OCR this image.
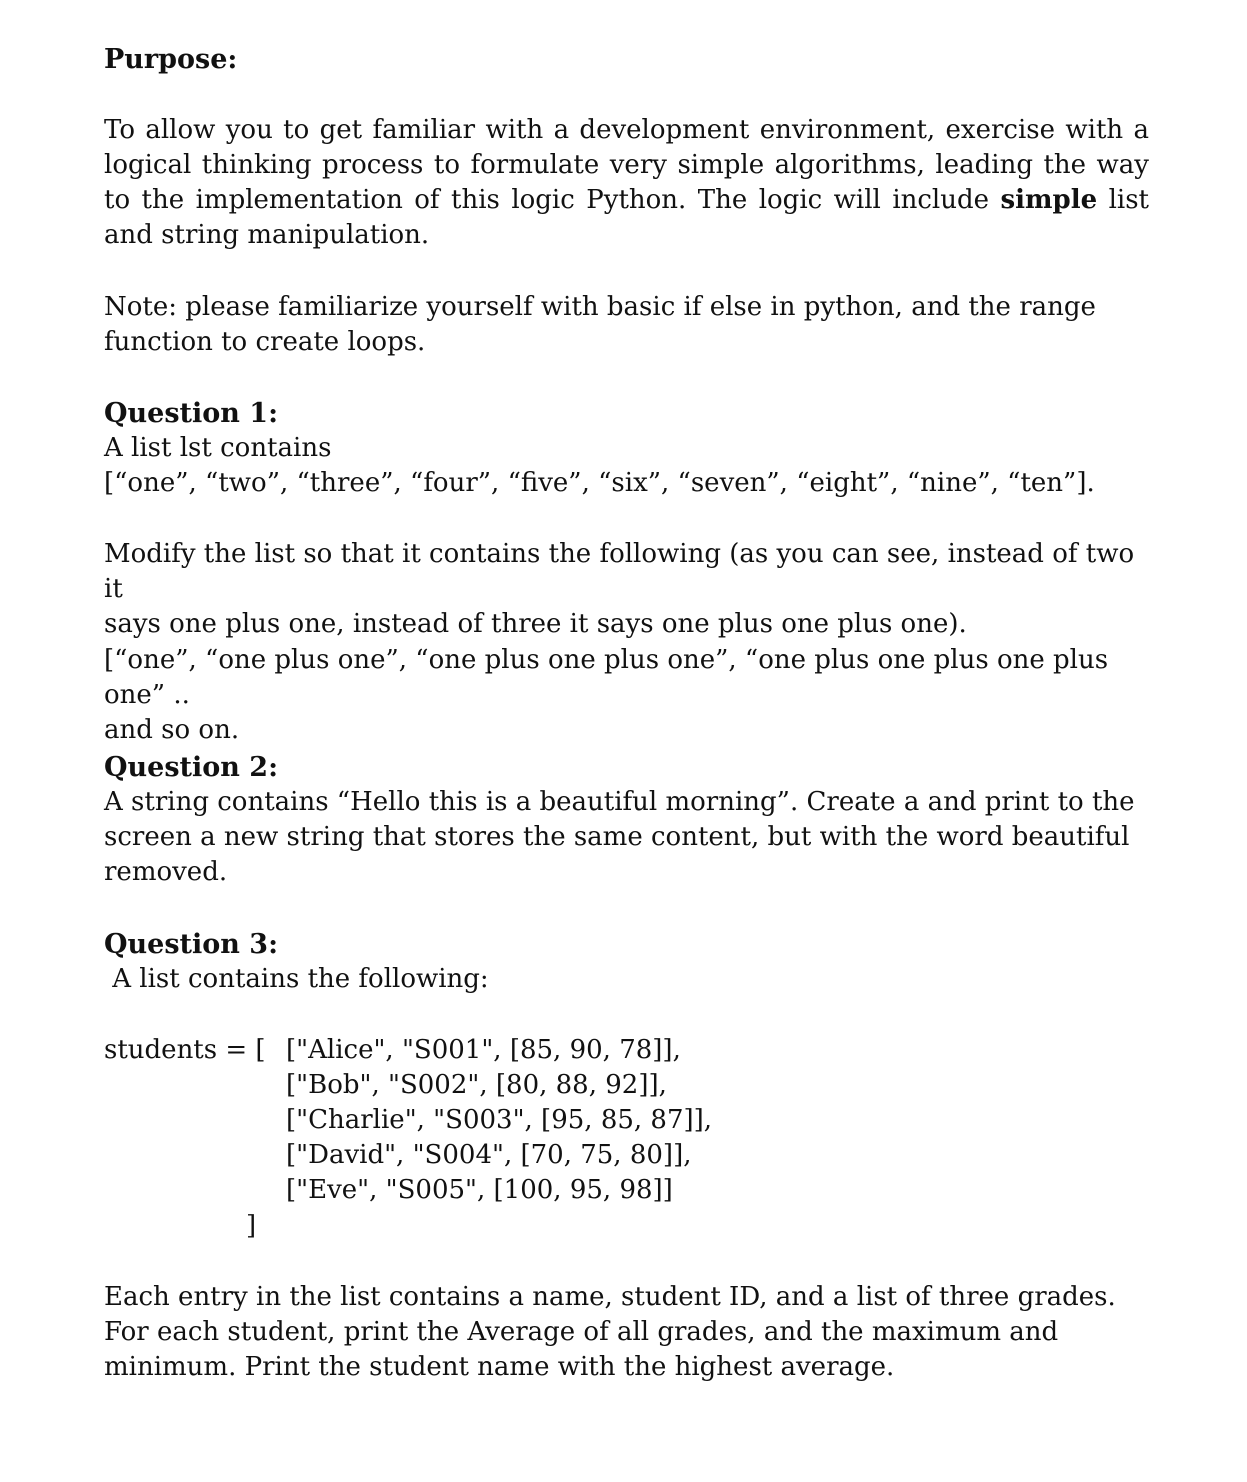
Purpose:

To allow you to get familiar with a development environment, exercise with a logical thinking process to formulate very simple algorithms, leading the way to the implementation of this logic Python. The logic will include simple list and string manipulation.

Note: please familiarize yourself with basic if else in python, and the range
function to create loops.
Question 1:
A list lst contains
[“one”, “two”, “three”, “four”, “five”, “six”, “seven”, “eight”, “nine”, “ten”].
Modify the list so that it contains the following (as you can see, instead of two it
says one plus one, instead of three it says one plus one plus one).
[“one”, “one plus one”, “one plus one plus one”, “one plus one plus one plus one” ..
and so on.
Question 2:
A string contains “Hello this is a beautiful morning”. Create a and print to the
screen a new string that stores the same content, but with the word beautiful
removed.
Question 3:
A list contains the following:
students = [ ["Alice", "S001", [85, 90, 78]],
["Bob", "S002", [80, 88, 92]],
["Charlie", "S003", [95, 85, 87]],
["David", "S004", [70, 75, 80]],
["Eve", "S005", [100, 95, 98]]
]
Each entry in the list contains a name, student ID, and a list of three grades.
For each student, print the Average of all grades, and the maximum and
minimum. Print the student name with the highest average.
